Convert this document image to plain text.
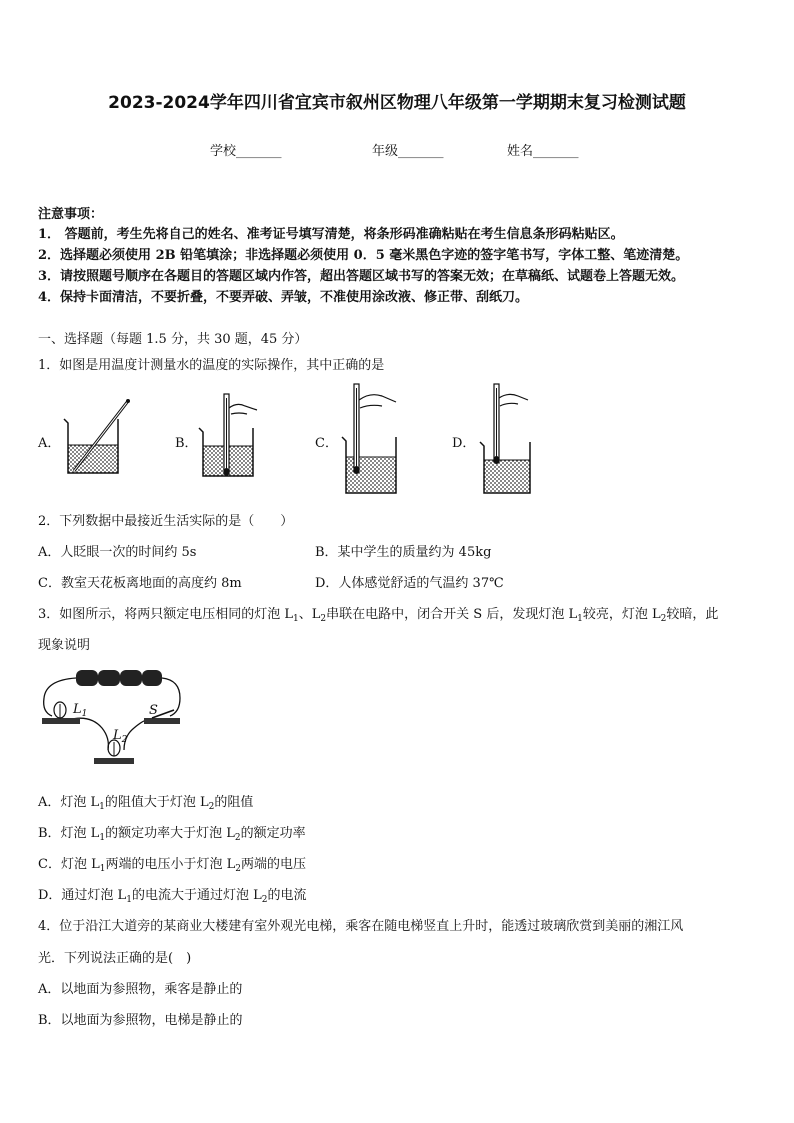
2023-2024学年四川省宜宾市叙州区物理八年级第一学期期末复习检测试题
学校_______	年级_______	姓名_______
注意事项：
1． 答题前，考生先将自己的姓名、准考证号填写清楚，将条形码准确粘贴在考生信息条形码粘贴区。
2．选择题必须使用 2B 铅笔填涂；非选择题必须使用 0．5 毫米黑色字迹的签字笔书写，字体工整、笔迹清楚。
3．请按照题号顺序在各题目的答题区域内作答，超出答题区域书写的答案无效；在草稿纸、试题卷上答题无效。
4．保持卡面清洁，不要折叠，不要弄破、弄皱，不准使用涂改液、修正带、刮纸刀。
一、选择题（每题 1.5 分，共 30 题，45 分）
1．如图是用温度计测量水的温度的实际操作，其中正确的是
A．	B．	C．	D．
2．下列数据中最接近生活实际的是（　　）
A．人眨眼一次的时间约 5s	B．某中学生的质量约为 45kg
C．教室天花板离地面的高度约 8m	D．人体感觉舒适的气温约 37℃
3．如图所示，将两只额定电压相同的灯泡 $L_1$、$L_2$串联在电路中，闭合开关 S 后，发现灯泡 $L_1$较亮，灯泡 $L_2$较暗，此
现象说明
$L_1$
$L_2$
S
A．灯泡 $L_1$的阻值大于灯泡 $L_2$的阻值
B．灯泡 $L_1$的额定功率大于灯泡 $L_2$的额定功率
C．灯泡 $L_1$两端的电压小于灯泡 $L_2$两端的电压
D．通过灯泡 $L_1$的电流大于通过灯泡 $L_2$的电流
4．位于沿江大道旁的某商业大楼建有室外观光电梯，乘客在随电梯竖直上升时，能透过玻璃欣赏到美丽的湘江风
光．下列说法正确的是(　)
A．以地面为参照物，乘客是静止的
B．以地面为参照物，电梯是静止的
